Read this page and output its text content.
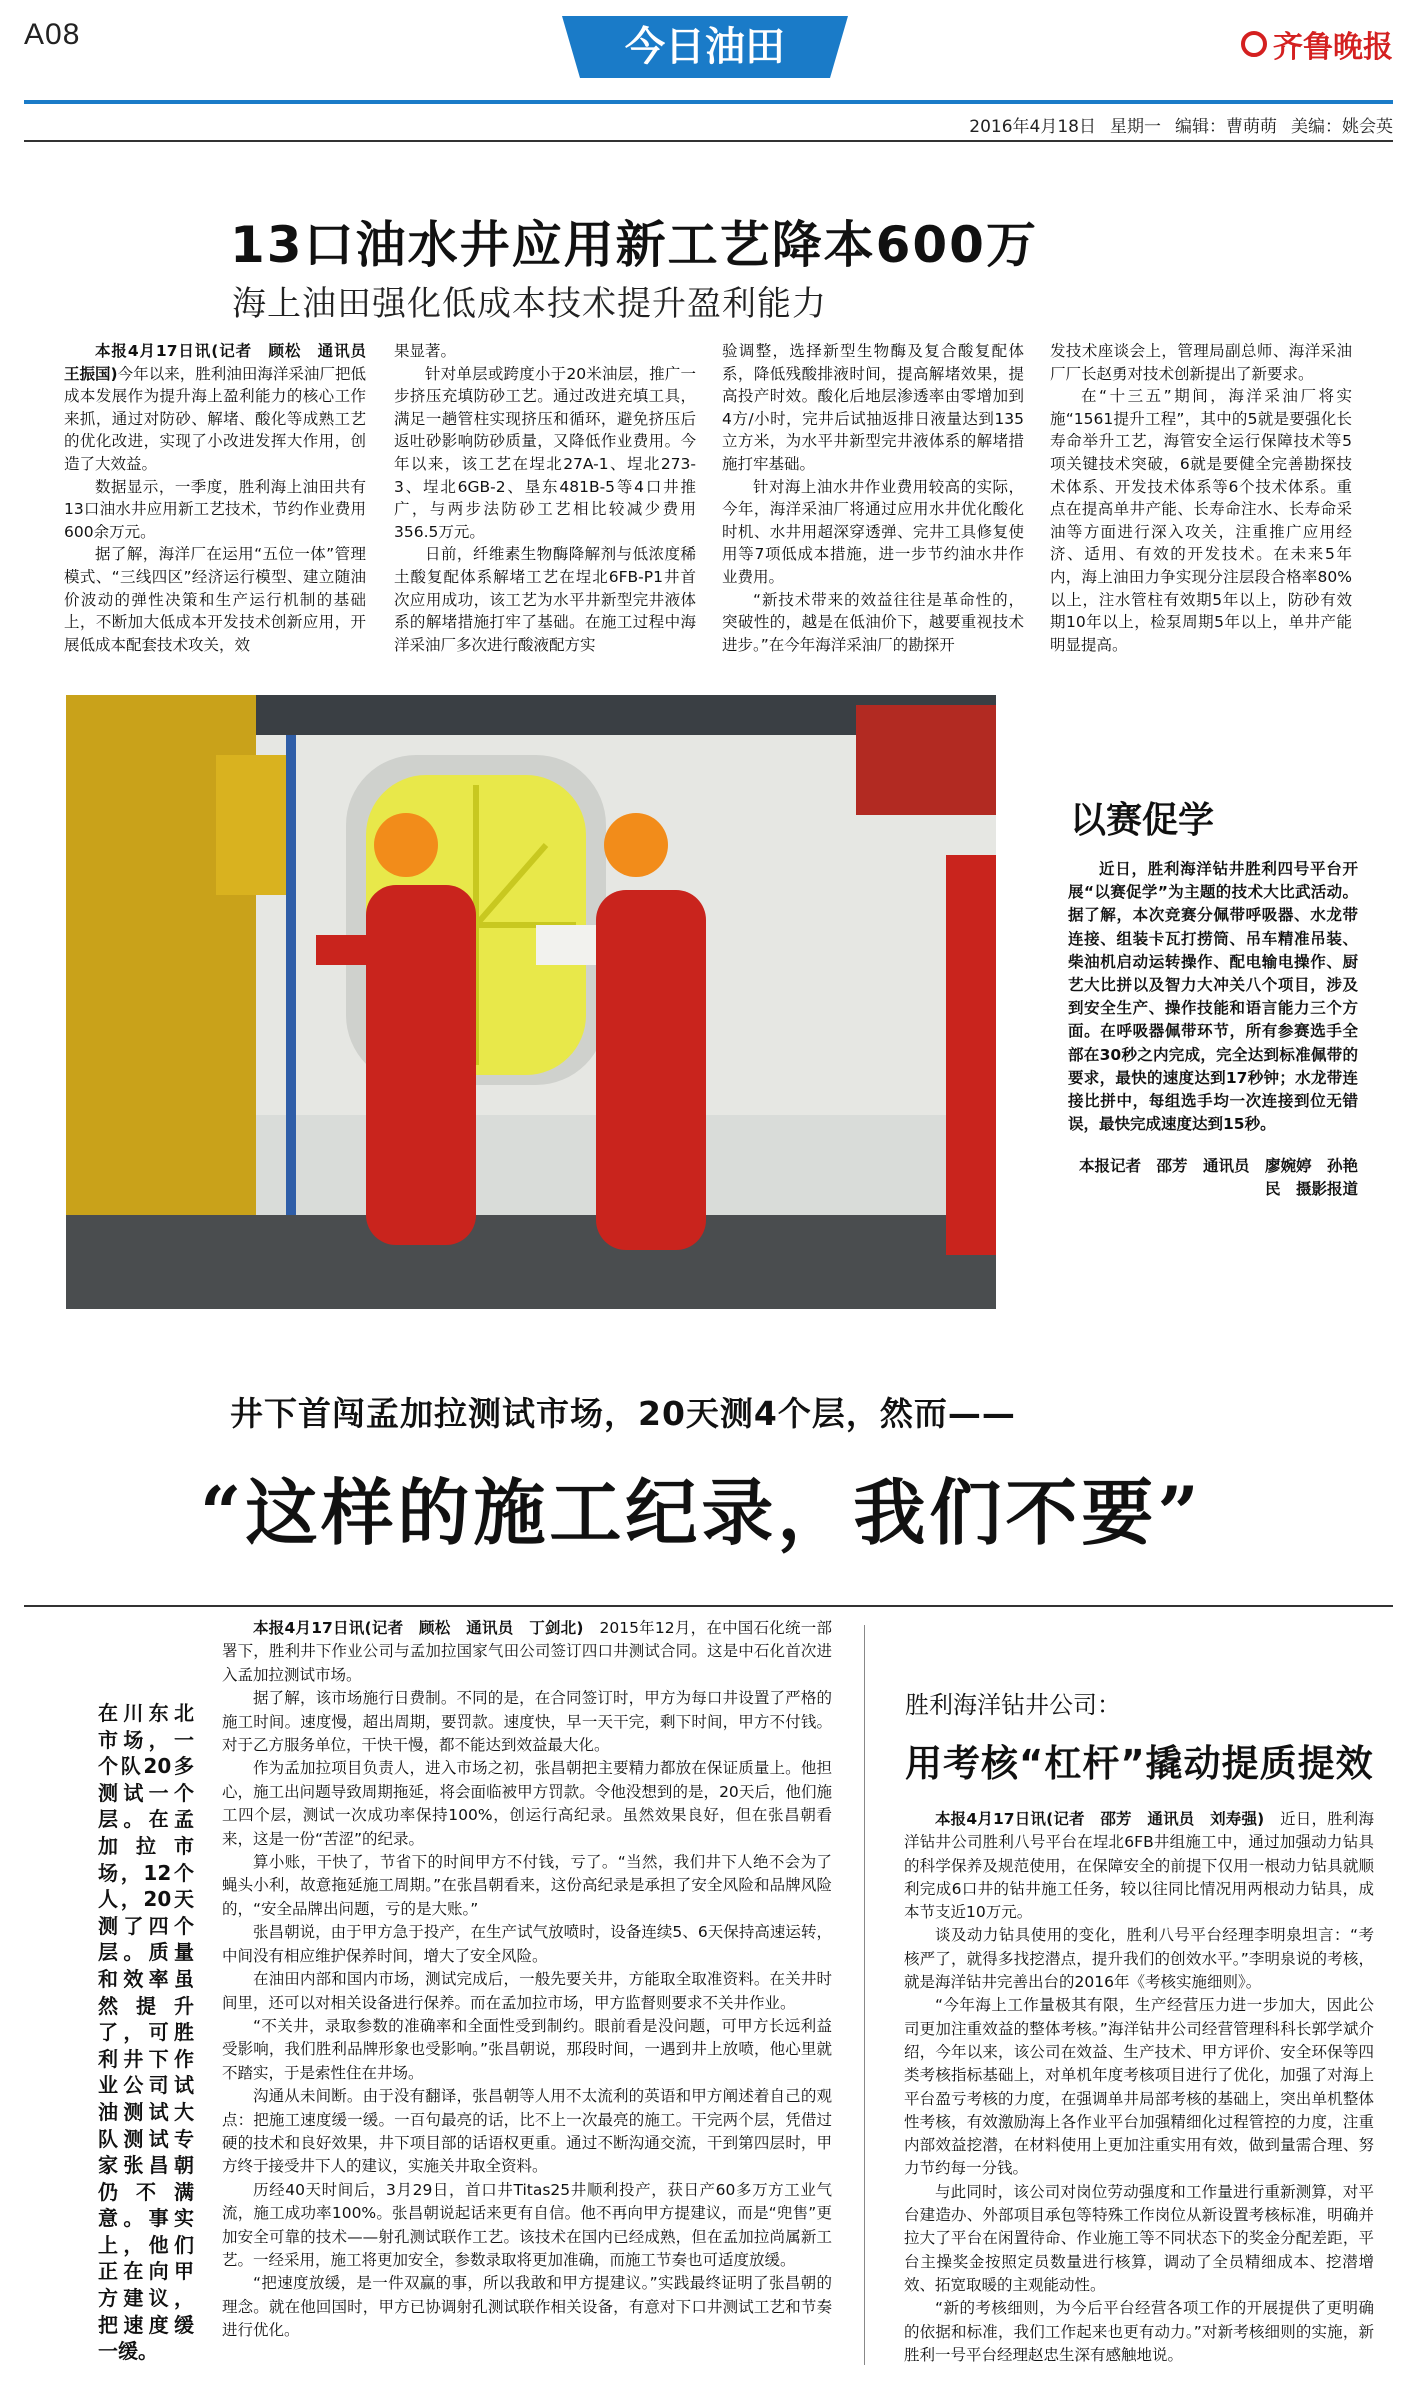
A08	今日油田	齐鲁晚报
2016年4月18日 星期一 编辑：曹萌萌 美编：姚会英
13口油水井应用新工艺降本600万
海上油田强化低成本技术提升盈利能力

本报4月17日讯(记者　顾松　通讯员　王振国)今年以来，胜利油田海洋采油厂把低成本发展作为提升海上盈利能力的核心工作来抓，通过对防砂、解堵、酸化等成熟工艺的优化改进，实现了小改进发挥大作用，创造了大效益。

数据显示，一季度，胜利海上油田共有13口油水井应用新工艺技术，节约作业费用600余万元。

据了解，海洋厂在运用“五位一体”管理模式、“三线四区”经济运行模型、建立随油价波动的弹性决策和生产运行机制的基础上，不断加大低成本开发技术创新应用，开展低成本配套技术攻关，效

果显著。

针对单层或跨度小于20米油层，推广一步挤压充填防砂工艺。通过改进充填工具，满足一趟管柱实现挤压和循环，避免挤压后返吐砂影响防砂质量，又降低作业费用。今年以来，该工艺在埕北27A-1、埕北273-3、埕北6GB-2、垦东481B-5等4口井推广，与两步法防砂工艺相比较减少费用356.5万元。

日前，纤维素生物酶降解剂与低浓度稀土酸复配体系解堵工艺在埕北6FB-P1井首次应用成功，该工艺为水平井新型完井液体系的解堵措施打牢了基础。在施工过程中海洋采油厂多次进行酸液配方实

验调整，选择新型生物酶及复合酸复配体系，降低残酸排液时间，提高解堵效果，提高投产时效。酸化后地层渗透率由零增加到4方/小时，完井后试抽返排日液量达到135立方米，为水平井新型完井液体系的解堵措施打牢基础。

针对海上油水井作业费用较高的实际，今年，海洋采油厂将通过应用水井优化酸化时机、水井用超深穿透弹、完井工具修复使用等7项低成本措施，进一步节约油水井作业费用。

“新技术带来的效益往往是革命性的，突破性的，越是在低油价下，越要重视技术进步。”在今年海洋采油厂的勘探开

发技术座谈会上，管理局副总师、海洋采油厂厂长赵勇对技术创新提出了新要求。

在“十三五”期间，海洋采油厂将实施“1561提升工程”，其中的5就是要强化长寿命举升工艺，海管安全运行保障技术等5项关键技术突破，6就是要健全完善勘探技术体系、开发技术体系等6个技术体系。重点在提高单井产能、长寿命注水、长寿命采油等方面进行深入攻关，注重推广应用经济、适用、有效的开发技术。在未来5年内，海上油田力争实现分注层段合格率80%以上，注水管柱有效期5年以上，防砂有效期10年以上，检泵周期5年以上，单井产能明显提高。

以赛促学

近日，胜利海洋钻井胜利四号平台开展“以赛促学”为主题的技术大比武活动。据了解，本次竞赛分佩带呼吸器、水龙带连接、组装卡瓦打捞筒、吊车精准吊装、柴油机启动运转操作、配电输电操作、厨艺大比拼以及智力大冲关八个项目，涉及到安全生产、操作技能和语言能力三个方面。在呼吸器佩带环节，所有参赛选手全部在30秒之内完成，完全达到标准佩带的要求，最快的速度达到17秒钟；水龙带连接比拼中，每组选手均一次连接到位无错误，最快完成速度达到15秒。

本报记者　邵芳　通讯员　廖婉婷　孙艳民　摄影报道
井下首闯孟加拉测试市场，20天测4个层，然而——
“这样的施工纪录，我们不要”
在川东北市场，一个队20多测试一个层。在孟加拉市场，12个人，20天测了四个层。质量和效率虽然提升了，可胜利井下作业公司试油测试大队测试专家张昌朝仍不满意。事实上，他们正在向甲方建议，把速度缓一缓。

本报4月17日讯(记者　顾松　通讯员　丁剑北)　 2015年12月，在中国石化统一部署下，胜利井下作业公司与孟加拉国家气田公司签订四口井测试合同。这是中石化首次进入孟加拉测试市场。

据了解，该市场施行日费制。不同的是，在合同签订时，甲方为每口井设置了严格的施工时间。速度慢，超出周期，要罚款。速度快，早一天干完，剩下时间，甲方不付钱。对于乙方服务单位，干快干慢，都不能达到效益最大化。

作为孟加拉项目负责人，进入市场之初，张昌朝把主要精力都放在保证质量上。他担心，施工出问题导致周期拖延，将会面临被甲方罚款。令他没想到的是，20天后，他们施工四个层，测试一次成功率保持100%，创运行高纪录。虽然效果良好，但在张昌朝看来，这是一份“苦涩”的纪录。

算小账，干快了，节省下的时间甲方不付钱，亏了。“当然，我们井下人绝不会为了蝇头小利，故意拖延施工周期。”在张昌朝看来，这份高纪录是承担了安全风险和品牌风险的，“安全品牌出问题，亏的是大账。”

张昌朝说，由于甲方急于投产，在生产试气放喷时，设备连续5、6天保持高速运转，中间没有相应维护保养时间，增大了安全风险。

在油田内部和国内市场，测试完成后，一般先要关井，方能取全取准资料。在关井时间里，还可以对相关设备进行保养。而在孟加拉市场，甲方监督则要求不关井作业。

“不关井，录取参数的准确率和全面性受到制约。眼前看是没问题，可甲方长远利益受影响，我们胜利品牌形象也受影响。”张昌朝说，那段时间，一遇到井上放喷，他心里就不踏实，于是索性住在井场。

沟通从未间断。由于没有翻译，张昌朝等人用不太流利的英语和甲方阐述着自己的观点：把施工速度缓一缓。一百句最亮的话，比不上一次最亮的施工。干完两个层，凭借过硬的技术和良好效果，井下项目部的话语权更重。通过不断沟通交流，干到第四层时，甲方终于接受井下人的建议，实施关井取全资料。

历经40天时间后，3月29日，首口井Titas25井顺利投产，获日产60多万方工业气流，施工成功率100%。张昌朝说起话来更有自信。他不再向甲方提建议，而是“兜售”更加安全可靠的技术——射孔测试联作工艺。该技术在国内已经成熟，但在孟加拉尚属新工艺。一经采用，施工将更加安全，参数录取将更加准确，而施工节奏也可适度放缓。

“把速度放缓，是一件双赢的事，所以我敢和甲方提建议。”实践最终证明了张昌朝的理念。就在他回国时，甲方已协调射孔测试联作相关设备，有意对下口井测试工艺和节奏进行优化。

胜利海洋钻井公司：
用考核“杠杆”撬动提质提效

本报4月17日讯(记者　邵芳　通讯员　刘寿强)　 近日，胜利海洋钻井公司胜利八号平台在埕北6FB井组施工中，通过加强动力钻具的科学保养及规范使用，在保障安全的前提下仅用一根动力钻具就顺利完成6口井的钻井施工任务，较以往同比情况用两根动力钻具，成本节支近10万元。

谈及动力钻具使用的变化，胜利八号平台经理李明泉坦言：“考核严了，就得多找挖潜点，提升我们的创效水平。”李明泉说的考核，就是海洋钻井完善出台的2016年《考核实施细则》。

“今年海上工作量极其有限，生产经营压力进一步加大，因此公司更加注重效益的整体考核。”海洋钻井公司经营管理科科长郭学斌介绍，今年以来，该公司在效益、生产技术、甲方评价、安全环保等四类考核指标基础上，对单机年度考核项目进行了优化，加强了对海上平台盈亏考核的力度，在强调单井局部考核的基础上，突出单机整体性考核，有效激励海上各作业平台加强精细化过程管控的力度，注重内部效益挖潜，在材料使用上更加注重实用有效，做到量需合理、努力节约每一分钱。

与此同时，该公司对岗位劳动强度和工作量进行重新测算，对平台建造办、外部项目承包等特殊工作岗位从新设置考核标准，明确并拉大了平台在闲置待命、作业施工等不同状态下的奖金分配差距，平台主操奖金按照定员数量进行核算，调动了全员精细成本、挖潜增效、拓宽取暖的主观能动性。

“新的考核细则，为今后平台经营各项工作的开展提供了更明确的依据和标准，我们工作起来也更有动力。”对新考核细则的实施，新胜利一号平台经理赵忠生深有感触地说。
